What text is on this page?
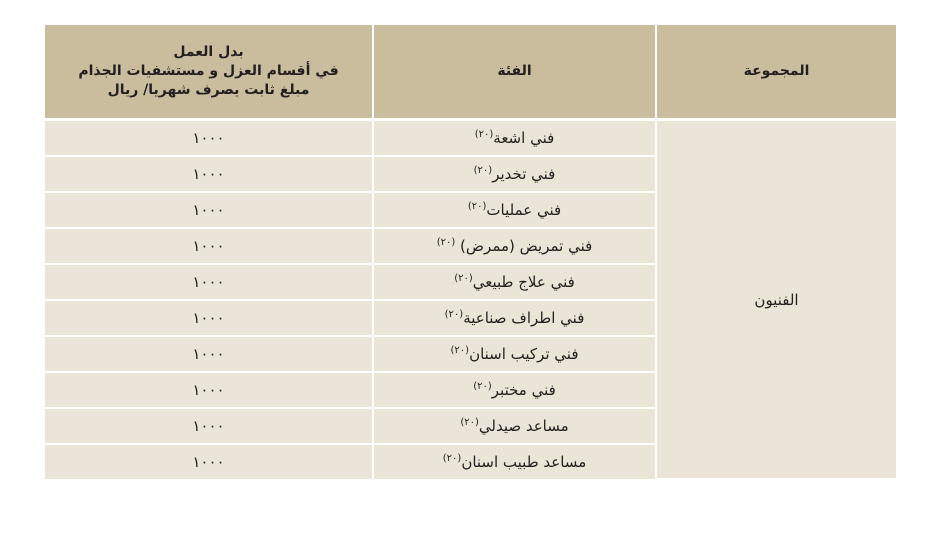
المجموعة	الفئة	بدل العمل
في أقسام العزل و مستشفيات الجذام
مبلغ ثابت يصرف شهريا/ ريال

الفنيون	فني اشعة$^{(٢٠)}$	١٠٠٠
	فني تخدير$^{(٢٠)}$	١٠٠٠
	فني عمليات$^{(٢٠)}$	١٠٠٠
	فني تمريض (ممرض) $^{(٢٠)}$	١٠٠٠
	فني علاج طبيعي$^{(٢٠)}$	١٠٠٠
	فني اطراف صناعية$^{(٢٠)}$	١٠٠٠
	فني تركيب اسنان$^{(٢٠)}$	١٠٠٠
	فني مختبر$^{(٢٠)}$	١٠٠٠
	مساعد صيدلي$^{(٢٠)}$	١٠٠٠
	مساعد طبيب اسنان$^{(٢٠)}$	١٠٠٠
